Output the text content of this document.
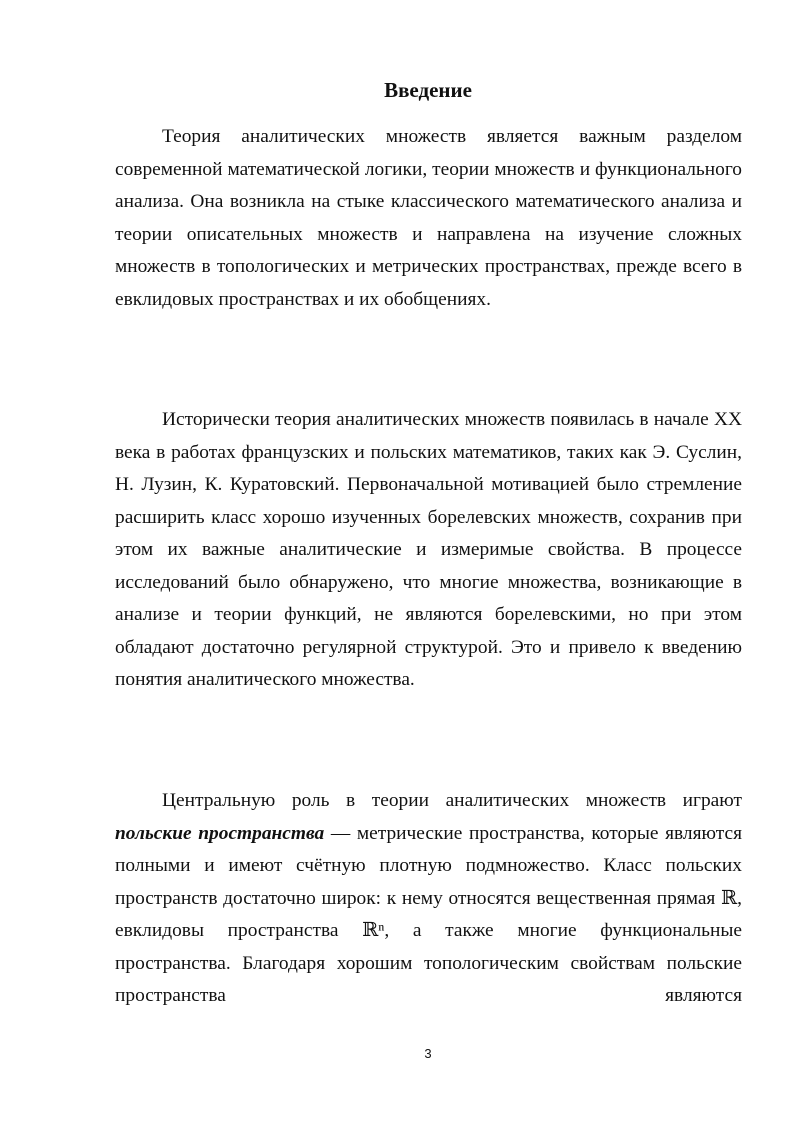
Введение

Теория аналитических множеств является важным разделом современной математической логики, теории множеств и функционального анализа. Она возникла на стыке классического математического анализа и теории описательных множеств и направлена на изучение сложных множеств в топологических и метрических пространствах, прежде всего в евклидовых пространствах и их обобщениях.

Исторически теория аналитических множеств появилась в начале XX века в работах французских и польских математиков, таких как Э. Суслин, Н. Лузин, К. Куратовский. Первоначальной мотивацией было стремление расширить класс хорошо изученных борелевских множеств, сохранив при этом их важные аналитические и измеримые свойства. В процессе исследований было обнаружено, что многие множества, возникающие в анализе и теории функций, не являются борелевскими, но при этом обладают достаточно регулярной структурой. Это и привело к введению понятия аналитического множества.

Центральную роль в теории аналитических множеств играют польские пространства — метрические пространства, которые являются полными и имеют счётную плотную подмножество. Класс польских пространств достаточно широк: к нему относятся вещественная прямая ℝ, евклидовы пространства ℝⁿ, а также многие функциональные пространства. Благодаря хорошим топологическим свойствам польские пространства являются

3
